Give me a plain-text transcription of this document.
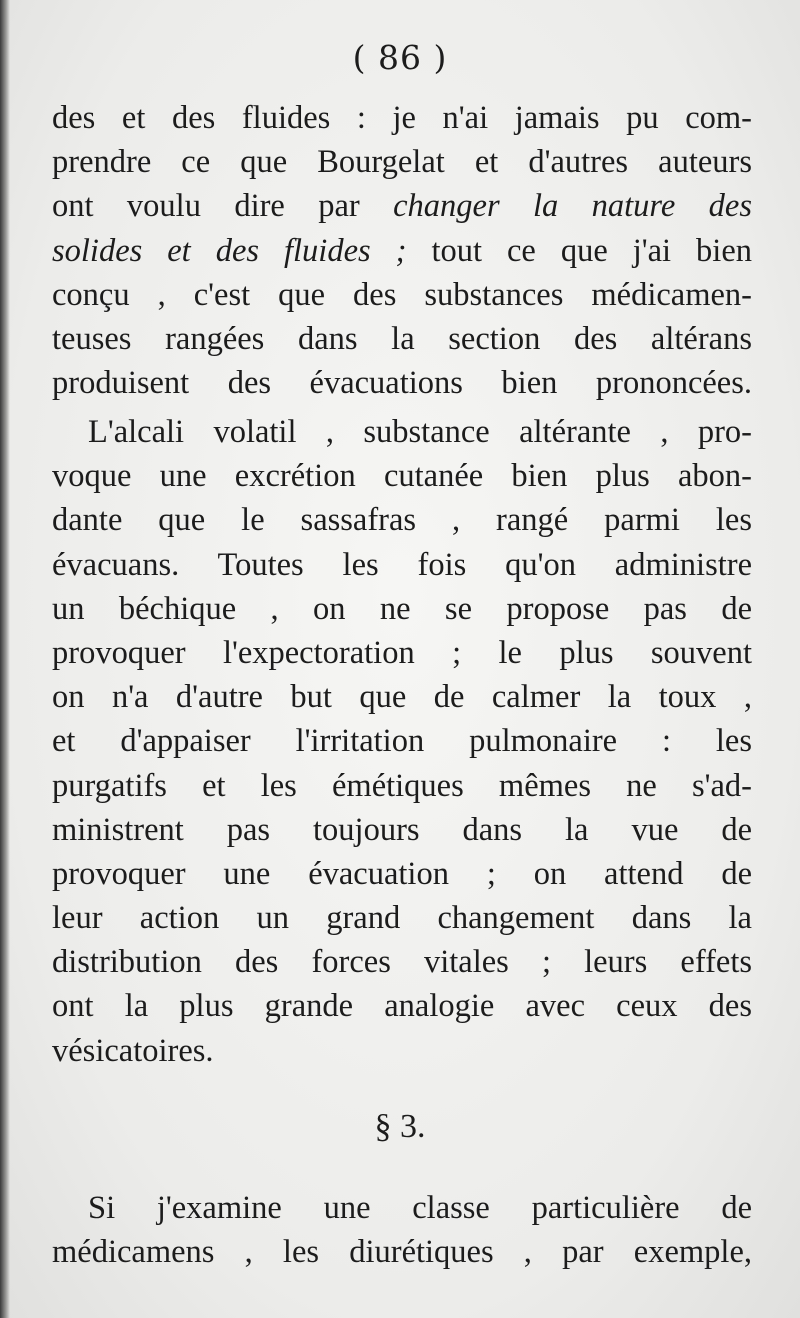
( 86 )
des et des fluides : je n'ai jamais pu com-
prendre ce que Bourgelat et d'autres auteurs
ont voulu dire par changer la nature des
solides et des fluides ; tout ce que j'ai bien
conçu , c'est que des substances médicamen-
teuses rangées dans la section des altérans
produisent des évacuations bien prononcées.
L'alcali volatil , substance altérante , pro-
voque une excrétion cutanée bien plus abon-
dante que le sassafras , rangé parmi les
évacuans. Toutes les fois qu'on administre
un béchique , on ne se propose pas de
provoquer l'expectoration ; le plus souvent
on n'a d'autre but que de calmer la toux ,
et d'appaiser l'irritation pulmonaire : les
purgatifs et les émétiques mêmes ne s'ad-
ministrent pas toujours dans la vue de
provoquer une évacuation ; on attend de
leur action un grand changement dans la
distribution des forces vitales ; leurs effets
ont la plus grande analogie avec ceux des
vésicatoires.
§ 3.
Si j'examine une classe particulière de
médicamens , les diurétiques , par exemple,
